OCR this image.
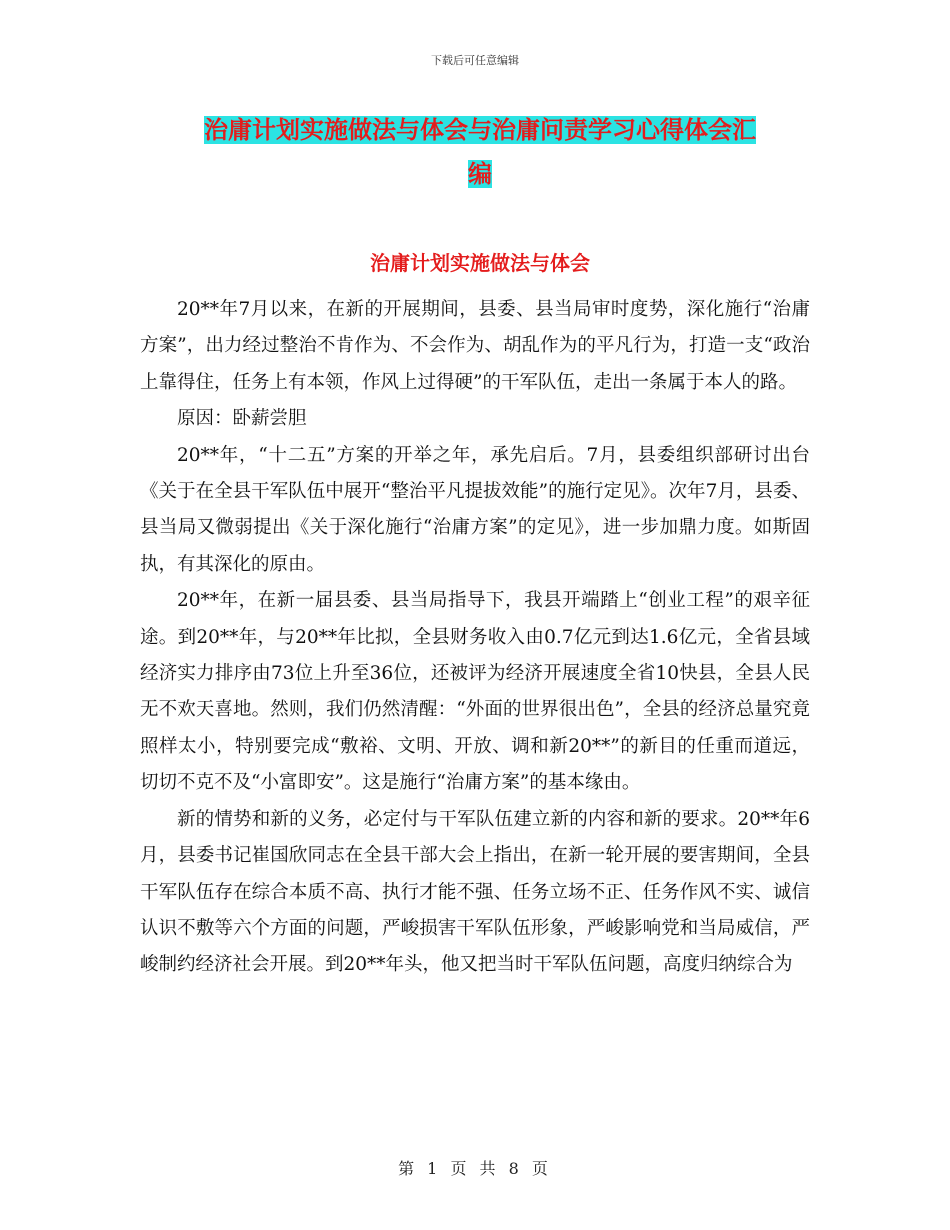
下载后可任意编辑
治庸计划实施做法与体会与治庸问责学习心得体会汇
编
治庸计划实施做法与体会

20**年7月以来，在新的开展期间，县委、县当局审时度势，深化施行“治庸方案”，出力经过整治不肯作为、不会作为、胡乱作为的平凡行为，打造一支“政治上靠得住，任务上有本领，作风上过得硬”的干军队伍，走出一条属于本人的路。

原因：卧薪尝胆

20**年，“十二五”方案的开举之年，承先启后。7月，县委组织部研讨出台《关于在全县干军队伍中展开“整治平凡提拔效能”的施行定见》。次年7月，县委、县当局又微弱提出《关于深化施行“治庸方案”的定见》，进一步加鼎力度。如斯固执，有其深化的原由。

20**年，在新一届县委、县当局指导下，我县开端踏上“创业工程”的艰辛征途。到20**年，与20**年比拟，全县财务收入由0.7亿元到达1.6亿元，全省县域经济实力排序由73位上升至36位，还被评为经济开展速度全省10快县，全县人民无不欢天喜地。然则，我们仍然清醒：“外面的世界很出色”，全县的经济总量究竟照样太小，特别要完成“敷裕、文明、开放、调和新20**”的新目的任重而道远，切切不克不及“小富即安”。这是施行“治庸方案”的基本缘由。

新的情势和新的义务，必定付与干军队伍建立新的内容和新的要求。20**年6月，县委书记崔国欣同志在全县干部大会上指出，在新一轮开展的要害期间，全县干军队伍存在综合本质不高、执行才能不强、任务立场不正、任务作风不实、诚信认识不敷等六个方面的问题，严峻损害干军队伍形象，严峻影响党和当局威信，严峻制约经济社会开展。到20**年头，他又把当时干军队伍问题，高度归纳综合为

第 1 页 共 8 页
